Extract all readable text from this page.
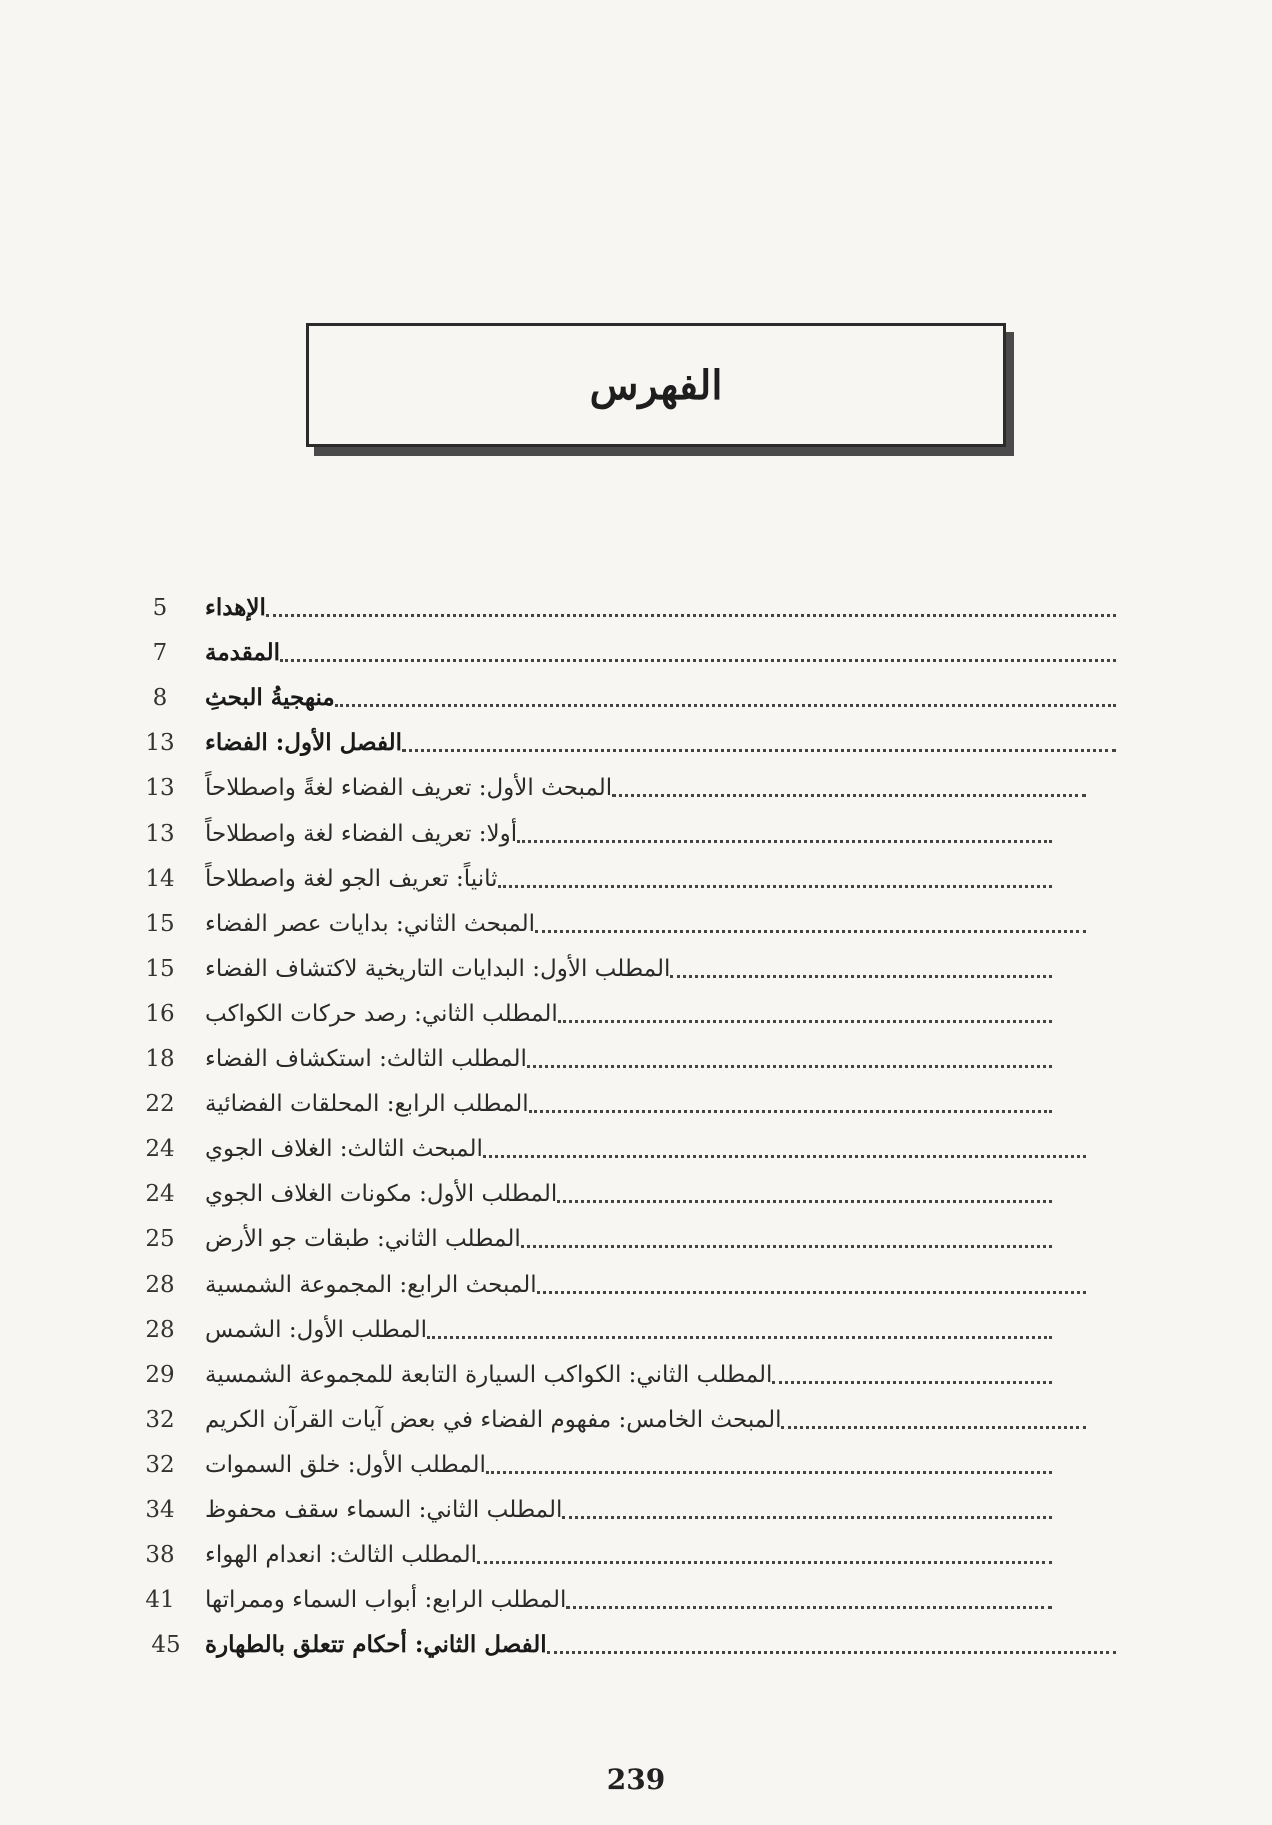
الفهرس
الإهداء
5
المقدمة
7
منهجيةُ البحثِ
8
الفصل الأول: الفضاء
13
المبحث الأول: تعريف الفضاء لغةً واصطلاحاً
13
أولا: تعريف الفضاء لغة واصطلاحاً
13
ثانياً: تعريف الجو لغة واصطلاحاً
14
المبحث الثاني: بدايات عصر الفضاء
15
المطلب الأول: البدايات التاريخية لاكتشاف الفضاء
15
المطلب الثاني: رصد حركات الكواكب
16
المطلب الثالث: استكشاف الفضاء
18
المطلب الرابع: المحلقات الفضائية
22
المبحث الثالث: الغلاف الجوي
24
المطلب الأول: مكونات الغلاف الجوي
24
المطلب الثاني: طبقات جو الأرض
25
المبحث الرابع: المجموعة الشمسية
28
المطلب الأول: الشمس
28
المطلب الثاني: الكواكب السيارة التابعة للمجموعة الشمسية
29
المبحث الخامس: مفهوم الفضاء في بعض آيات القرآن الكريم
32
المطلب الأول: خلق السموات
32
المطلب الثاني: السماء سقف محفوظ
34
المطلب الثالث: انعدام الهواء
38
المطلب الرابع: أبواب السماء وممراتها
41
الفصل الثاني: أحكام تتعلق بالطهارة
45
239
